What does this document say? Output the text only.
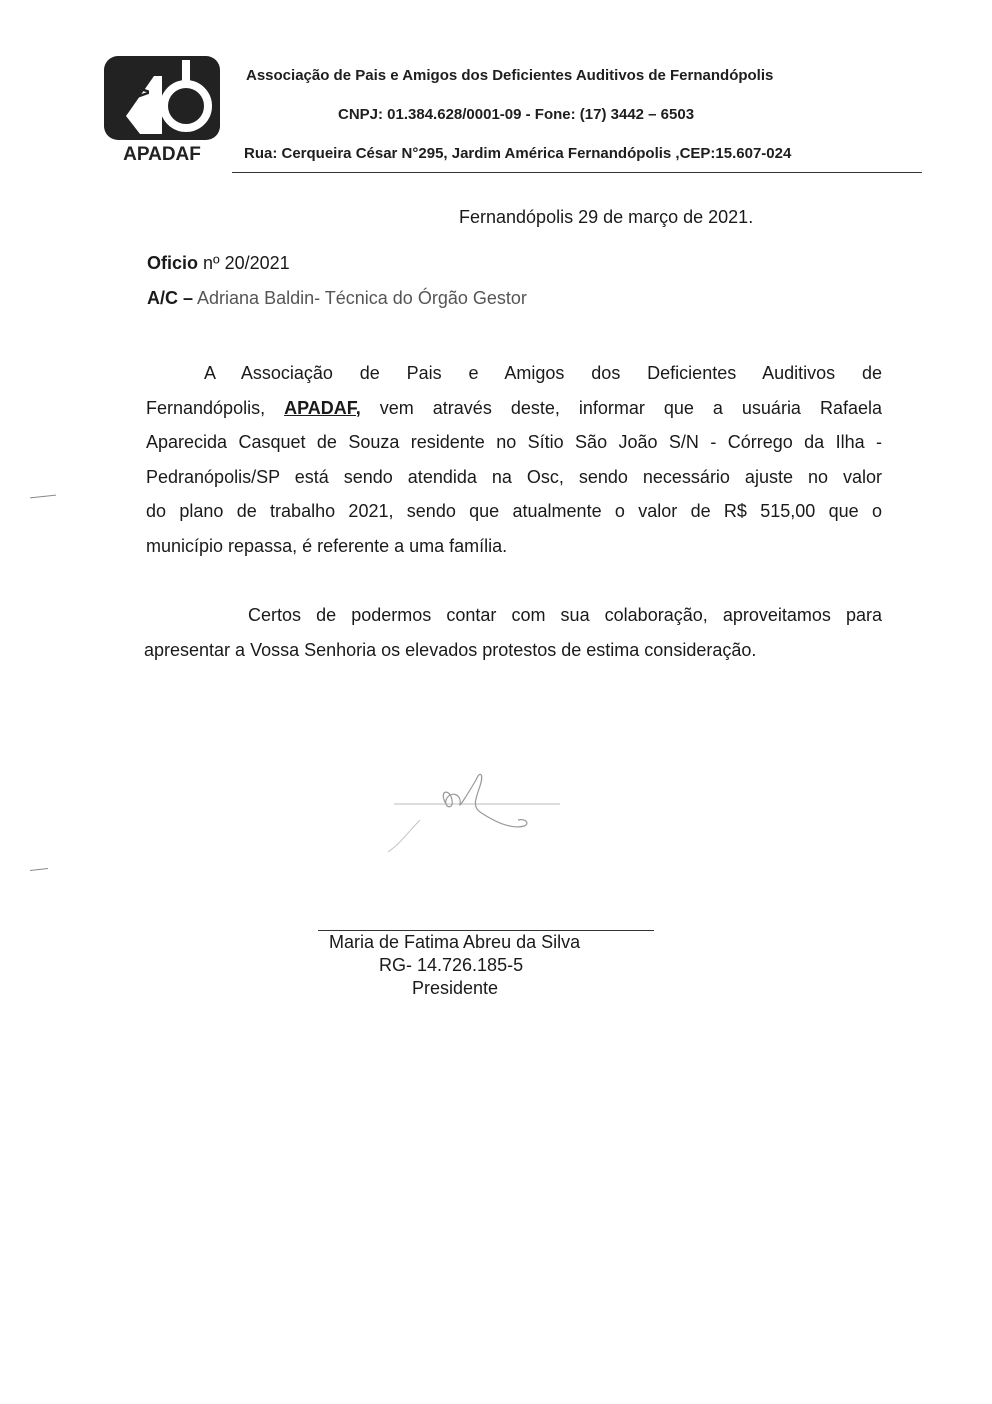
A
APADAF
Associação de Pais e Amigos dos Deficientes Auditivos de Fernandópolis
CNPJ: 01.384.628/0001-09 - Fone: (17) 3442 – 6503
Rua: Cerqueira César N°295, Jardim América Fernandópolis ,CEP:15.607-024
Fernandópolis 29 de março de 2021.
Oficio nº 20/2021
A/C – Adriana Baldin- Técnica do Órgão Gestor
A Associação de Pais e Amigos dos Deficientes Auditivos de
Fernandópolis, APADAF, vem através deste, informar que a usuária Rafaela
Aparecida Casquet de Souza residente no Sítio São João S/N - Córrego da Ilha -
Pedranópolis/SP está sendo atendida na Osc, sendo necessário ajuste no valor
do plano de trabalho 2021, sendo que atualmente o valor de R$ 515,00 que o
município repassa, é referente a uma família.
Certos de podermos contar com sua colaboração, aproveitamos para
apresentar a Vossa Senhoria os elevados protestos de estima consideração.
Maria de Fatima Abreu da Silva
RG- 14.726.185-5
Presidente
